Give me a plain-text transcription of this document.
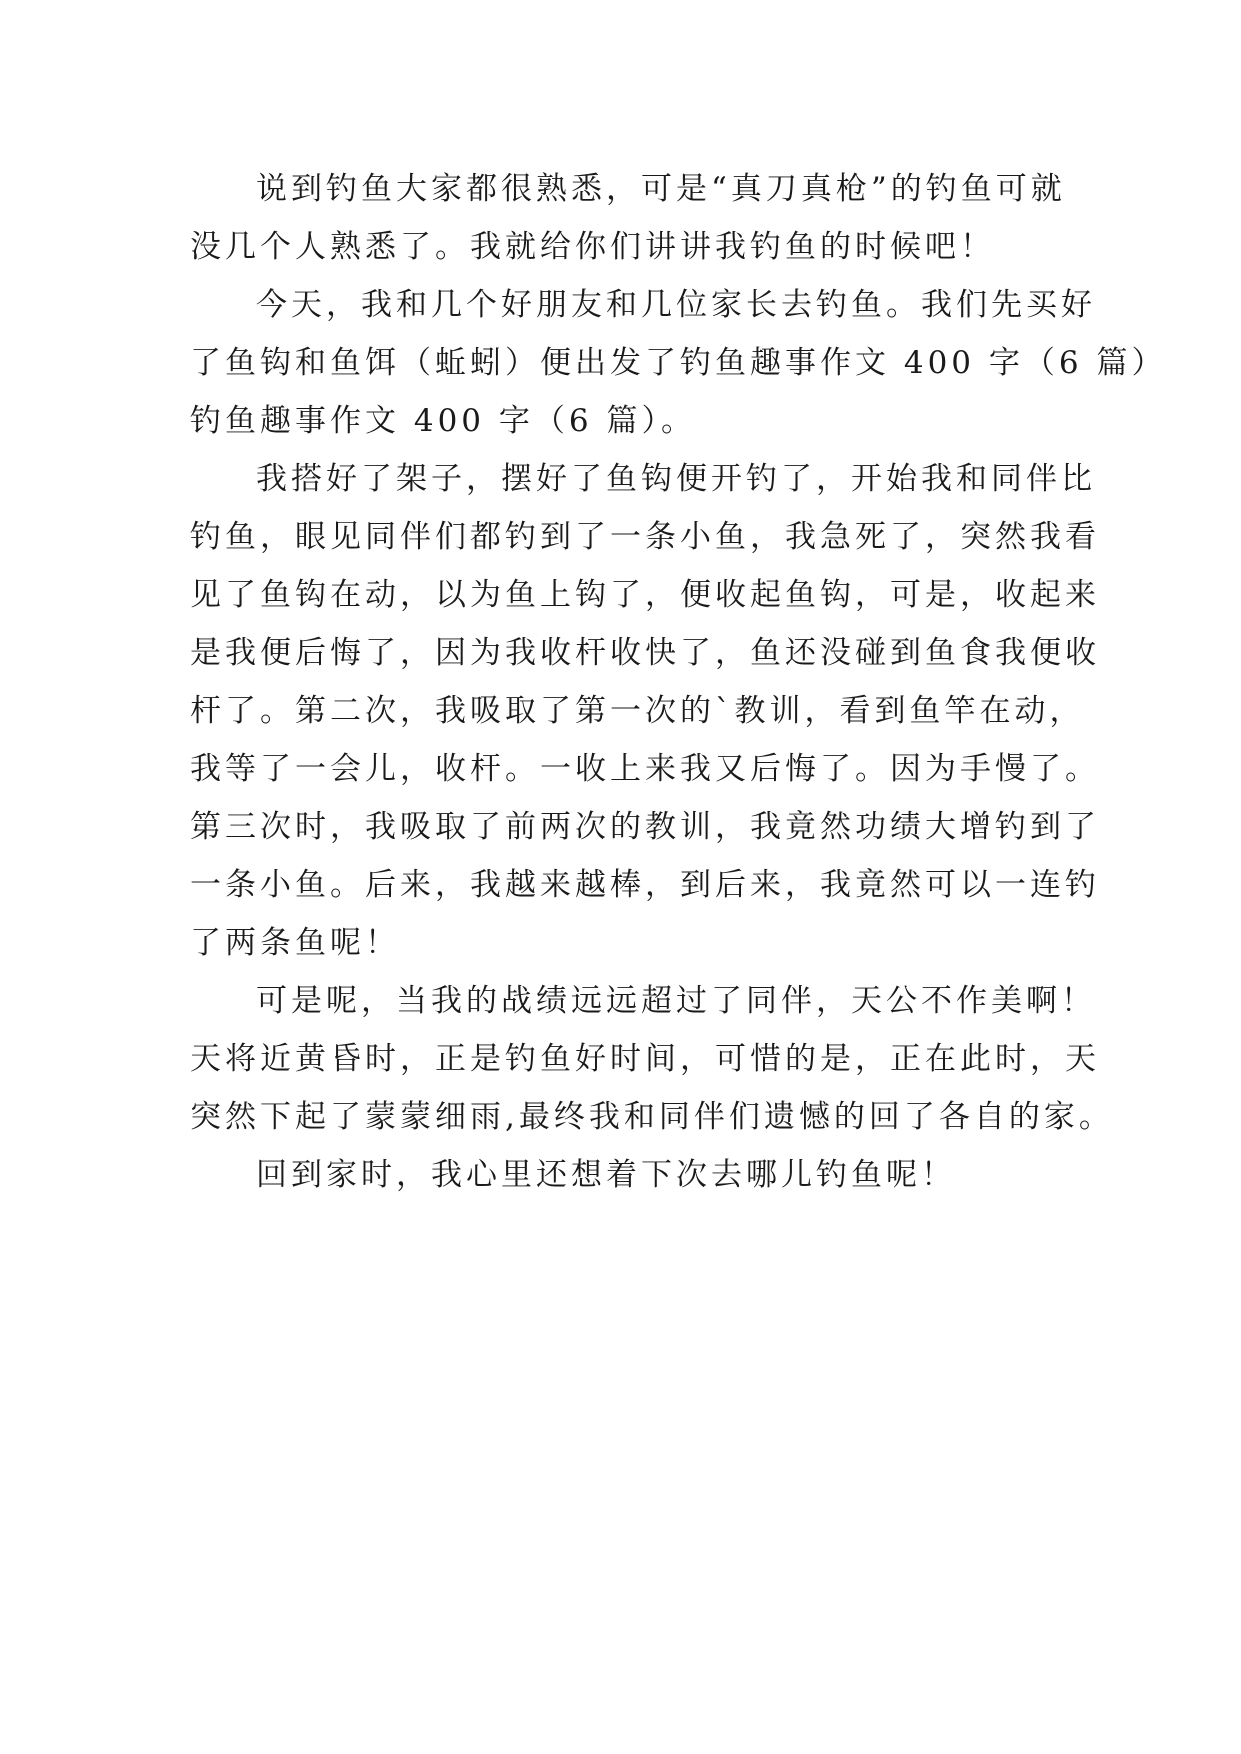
说到钓鱼大家都很熟悉，可是“真刀真枪”的钓鱼可就
没几个人熟悉了。我就给你们讲讲我钓鱼的时候吧！
今天，我和几个好朋友和几位家长去钓鱼。我们先买好
了鱼钩和鱼饵（蚯蚓）便出发了钓鱼趣事作文 400 字（6 篇）
钓鱼趣事作文 400 字（6 篇）。
我搭好了架子，摆好了鱼钩便开钓了，开始我和同伴比
钓鱼，眼见同伴们都钓到了一条小鱼，我急死了，突然我看
见了鱼钩在动，以为鱼上钩了，便收起鱼钩，可是，收起来
是我便后悔了，因为我收杆收快了，鱼还没碰到鱼食我便收
杆了。第二次，我吸取了第一次的`教训，看到鱼竿在动，
我等了一会儿，收杆。一收上来我又后悔了。因为手慢了。
第三次时，我吸取了前两次的教训，我竟然功绩大增钓到了
一条小鱼。后来，我越来越棒，到后来，我竟然可以一连钓
了两条鱼呢！
可是呢，当我的战绩远远超过了同伴，天公不作美啊！
天将近黄昏时，正是钓鱼好时间，可惜的是，正在此时，天
突然下起了蒙蒙细雨,最终我和同伴们遗憾的回了各自的家。
回到家时，我心里还想着下次去哪儿钓鱼呢！
